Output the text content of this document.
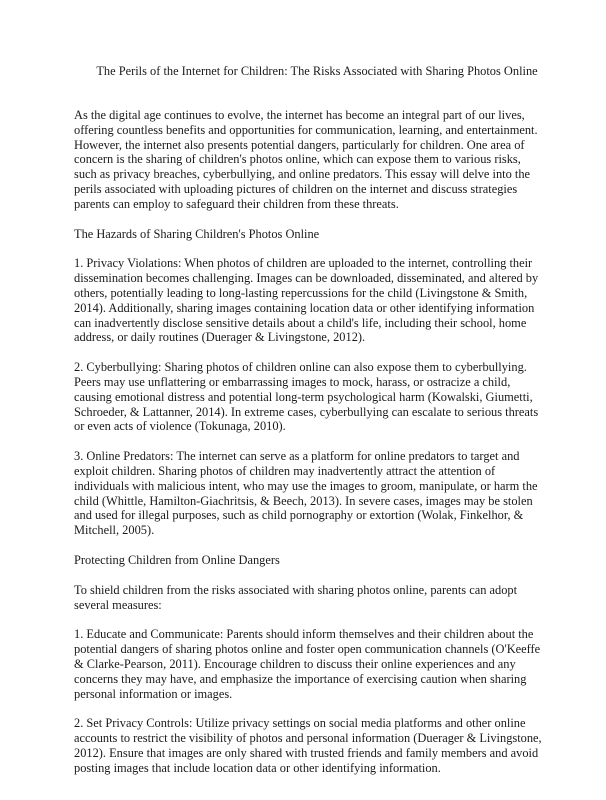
The Perils of the Internet for Children: The Risks Associated with Sharing Photos Online

As the digital age continues to evolve, the internet has become an integral part of our lives, offering countless benefits and opportunities for communication, learning, and entertainment. However, the internet also presents potential dangers, particularly for children. One area of concern is the sharing of children's photos online, which can expose them to various risks, such as privacy breaches, cyberbullying, and online predators. This essay will delve into the perils associated with uploading pictures of children on the internet and discuss strategies parents can employ to safeguard their children from these threats.

The Hazards of Sharing Children's Photos Online

1. Privacy Violations: When photos of children are uploaded to the internet, controlling their dissemination becomes challenging. Images can be downloaded, disseminated, and altered by others, potentially leading to long-lasting repercussions for the child (Livingstone & Smith, 2014). Additionally, sharing images containing location data or other identifying information can inadvertently disclose sensitive details about a child's life, including their school, home address, or daily routines (Duerager & Livingstone, 2012).

2. Cyberbullying: Sharing photos of children online can also expose them to cyberbullying. Peers may use unflattering or embarrassing images to mock, harass, or ostracize a child, causing emotional distress and potential long-term psychological harm (Kowalski, Giumetti, Schroeder, & Lattanner, 2014). In extreme cases, cyberbullying can escalate to serious threats or even acts of violence (Tokunaga, 2010).

3. Online Predators: The internet can serve as a platform for online predators to target and exploit children. Sharing photos of children may inadvertently attract the attention of individuals with malicious intent, who may use the images to groom, manipulate, or harm the child (Whittle, Hamilton-Giachritsis, & Beech, 2013). In severe cases, images may be stolen and used for illegal purposes, such as child pornography or extortion (Wolak, Finkelhor, & Mitchell, 2005).

Protecting Children from Online Dangers

To shield children from the risks associated with sharing photos online, parents can adopt several measures:

1. Educate and Communicate: Parents should inform themselves and their children about the potential dangers of sharing photos online and foster open communication channels (O'Keeffe & Clarke-Pearson, 2011). Encourage children to discuss their online experiences and any concerns they may have, and emphasize the importance of exercising caution when sharing personal information or images.

2. Set Privacy Controls: Utilize privacy settings on social media platforms and other online accounts to restrict the visibility of photos and personal information (Duerager & Livingstone, 2012). Ensure that images are only shared with trusted friends and family members and avoid posting images that include location data or other identifying information.
